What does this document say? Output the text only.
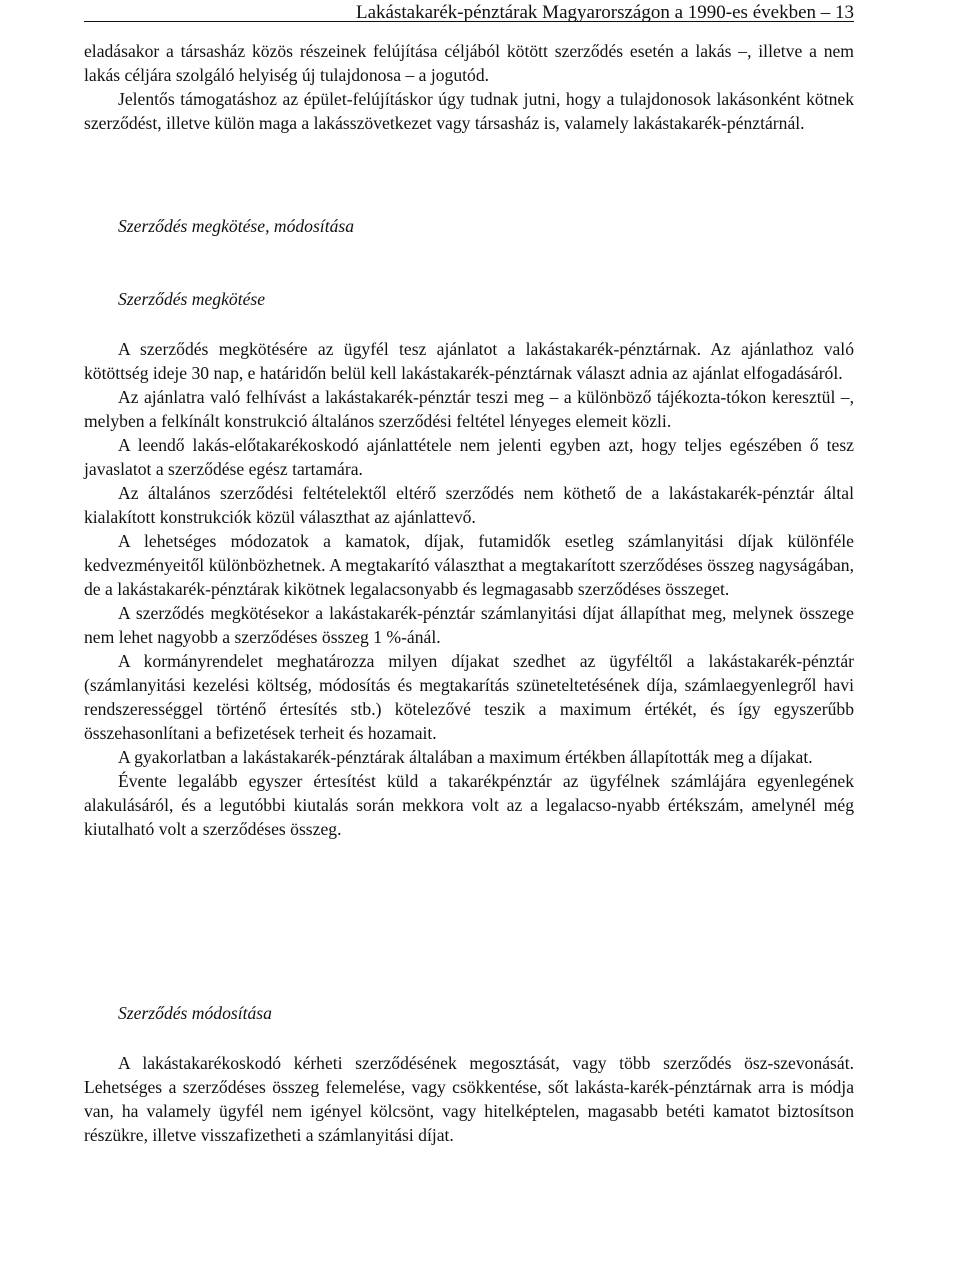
Lakástakarék-pénztárak Magyarországon a 1990-es években – 13

eladásakor a társasház közös részeinek felújítása céljából kötött szerződés esetén a lakás –, illetve a nem lakás céljára szolgáló helyiség új tulajdonosa – a jogutód.

Jelentős támogatáshoz az épület-felújításkor úgy tudnak jutni, hogy a tulajdonosok lakásonként kötnek szerződést, illetve külön maga a lakásszövetkezet vagy társasház is, valamely lakástakarék-pénztárnál.

Szerződés megkötése, módosítása
Szerződés megkötése

A szerződés megkötésére az ügyfél tesz ajánlatot a lakástakarék-pénztárnak. Az ajánlathoz való kötöttség ideje 30 nap, e határidőn belül kell lakástakarék-pénztárnak választ adnia az ajánlat elfogadásáról.

Az ajánlatra való felhívást a lakástakarék-pénztár teszi meg – a különböző tájékozta-tókon keresztül –, melyben a felkínált konstrukció általános szerződési feltétel lényeges elemeit közli.

A leendő lakás-előtakarékoskodó ajánlattétele nem jelenti egyben azt, hogy teljes egészében ő tesz javaslatot a szerződése egész tartamára.

Az általános szerződési feltételektől eltérő szerződés nem köthető de a lakástakarék-pénztár által kialakított konstrukciók közül választhat az ajánlattevő.

A lehetséges módozatok a kamatok, díjak, futamidők esetleg számlanyitási díjak különféle kedvezményeitől különbözhetnek. A megtakarító választhat a megtakarított szerződéses összeg nagyságában, de a lakástakarék-pénztárak kikötnek legalacsonyabb és legmagasabb szerződéses összeget.

A szerződés megkötésekor a lakástakarék-pénztár számlanyitási díjat állapíthat meg, melynek összege nem lehet nagyobb a szerződéses összeg 1 %-ánál.

A kormányrendelet meghatározza milyen díjakat szedhet az ügyféltől a lakástakarék-pénztár (számlanyitási kezelési költség, módosítás és megtakarítás szüneteltetésének díja, számlaegyenlegről havi rendszerességgel történő értesítés stb.) kötelezővé teszik a maximum értékét, és így egyszerűbb összehasonlítani a befizetések terheit és hozamait.

A gyakorlatban a lakástakarék-pénztárak általában a maximum értékben állapították meg a díjakat.

Évente legalább egyszer értesítést küld a takarékpénztár az ügyfélnek számlájára egyenlegének alakulásáról, és a legutóbbi kiutalás során mekkora volt az a legalacso-nyabb értékszám, amelynél még kiutalható volt a szerződéses összeg.

Szerződés módosítása

A lakástakarékoskodó kérheti szerződésének megosztását, vagy több szerződés ösz-szevonását. Lehetséges a szerződéses összeg felemelése, vagy csökkentése, sőt lakástа-karék-pénztárnak arra is módja van, ha valamely ügyfél nem igényel kölcsönt, vagy hitelképtelen, magasabb betéti kamatot biztosítson részükre, illetve visszafizetheti a számlanyitási díjat.
